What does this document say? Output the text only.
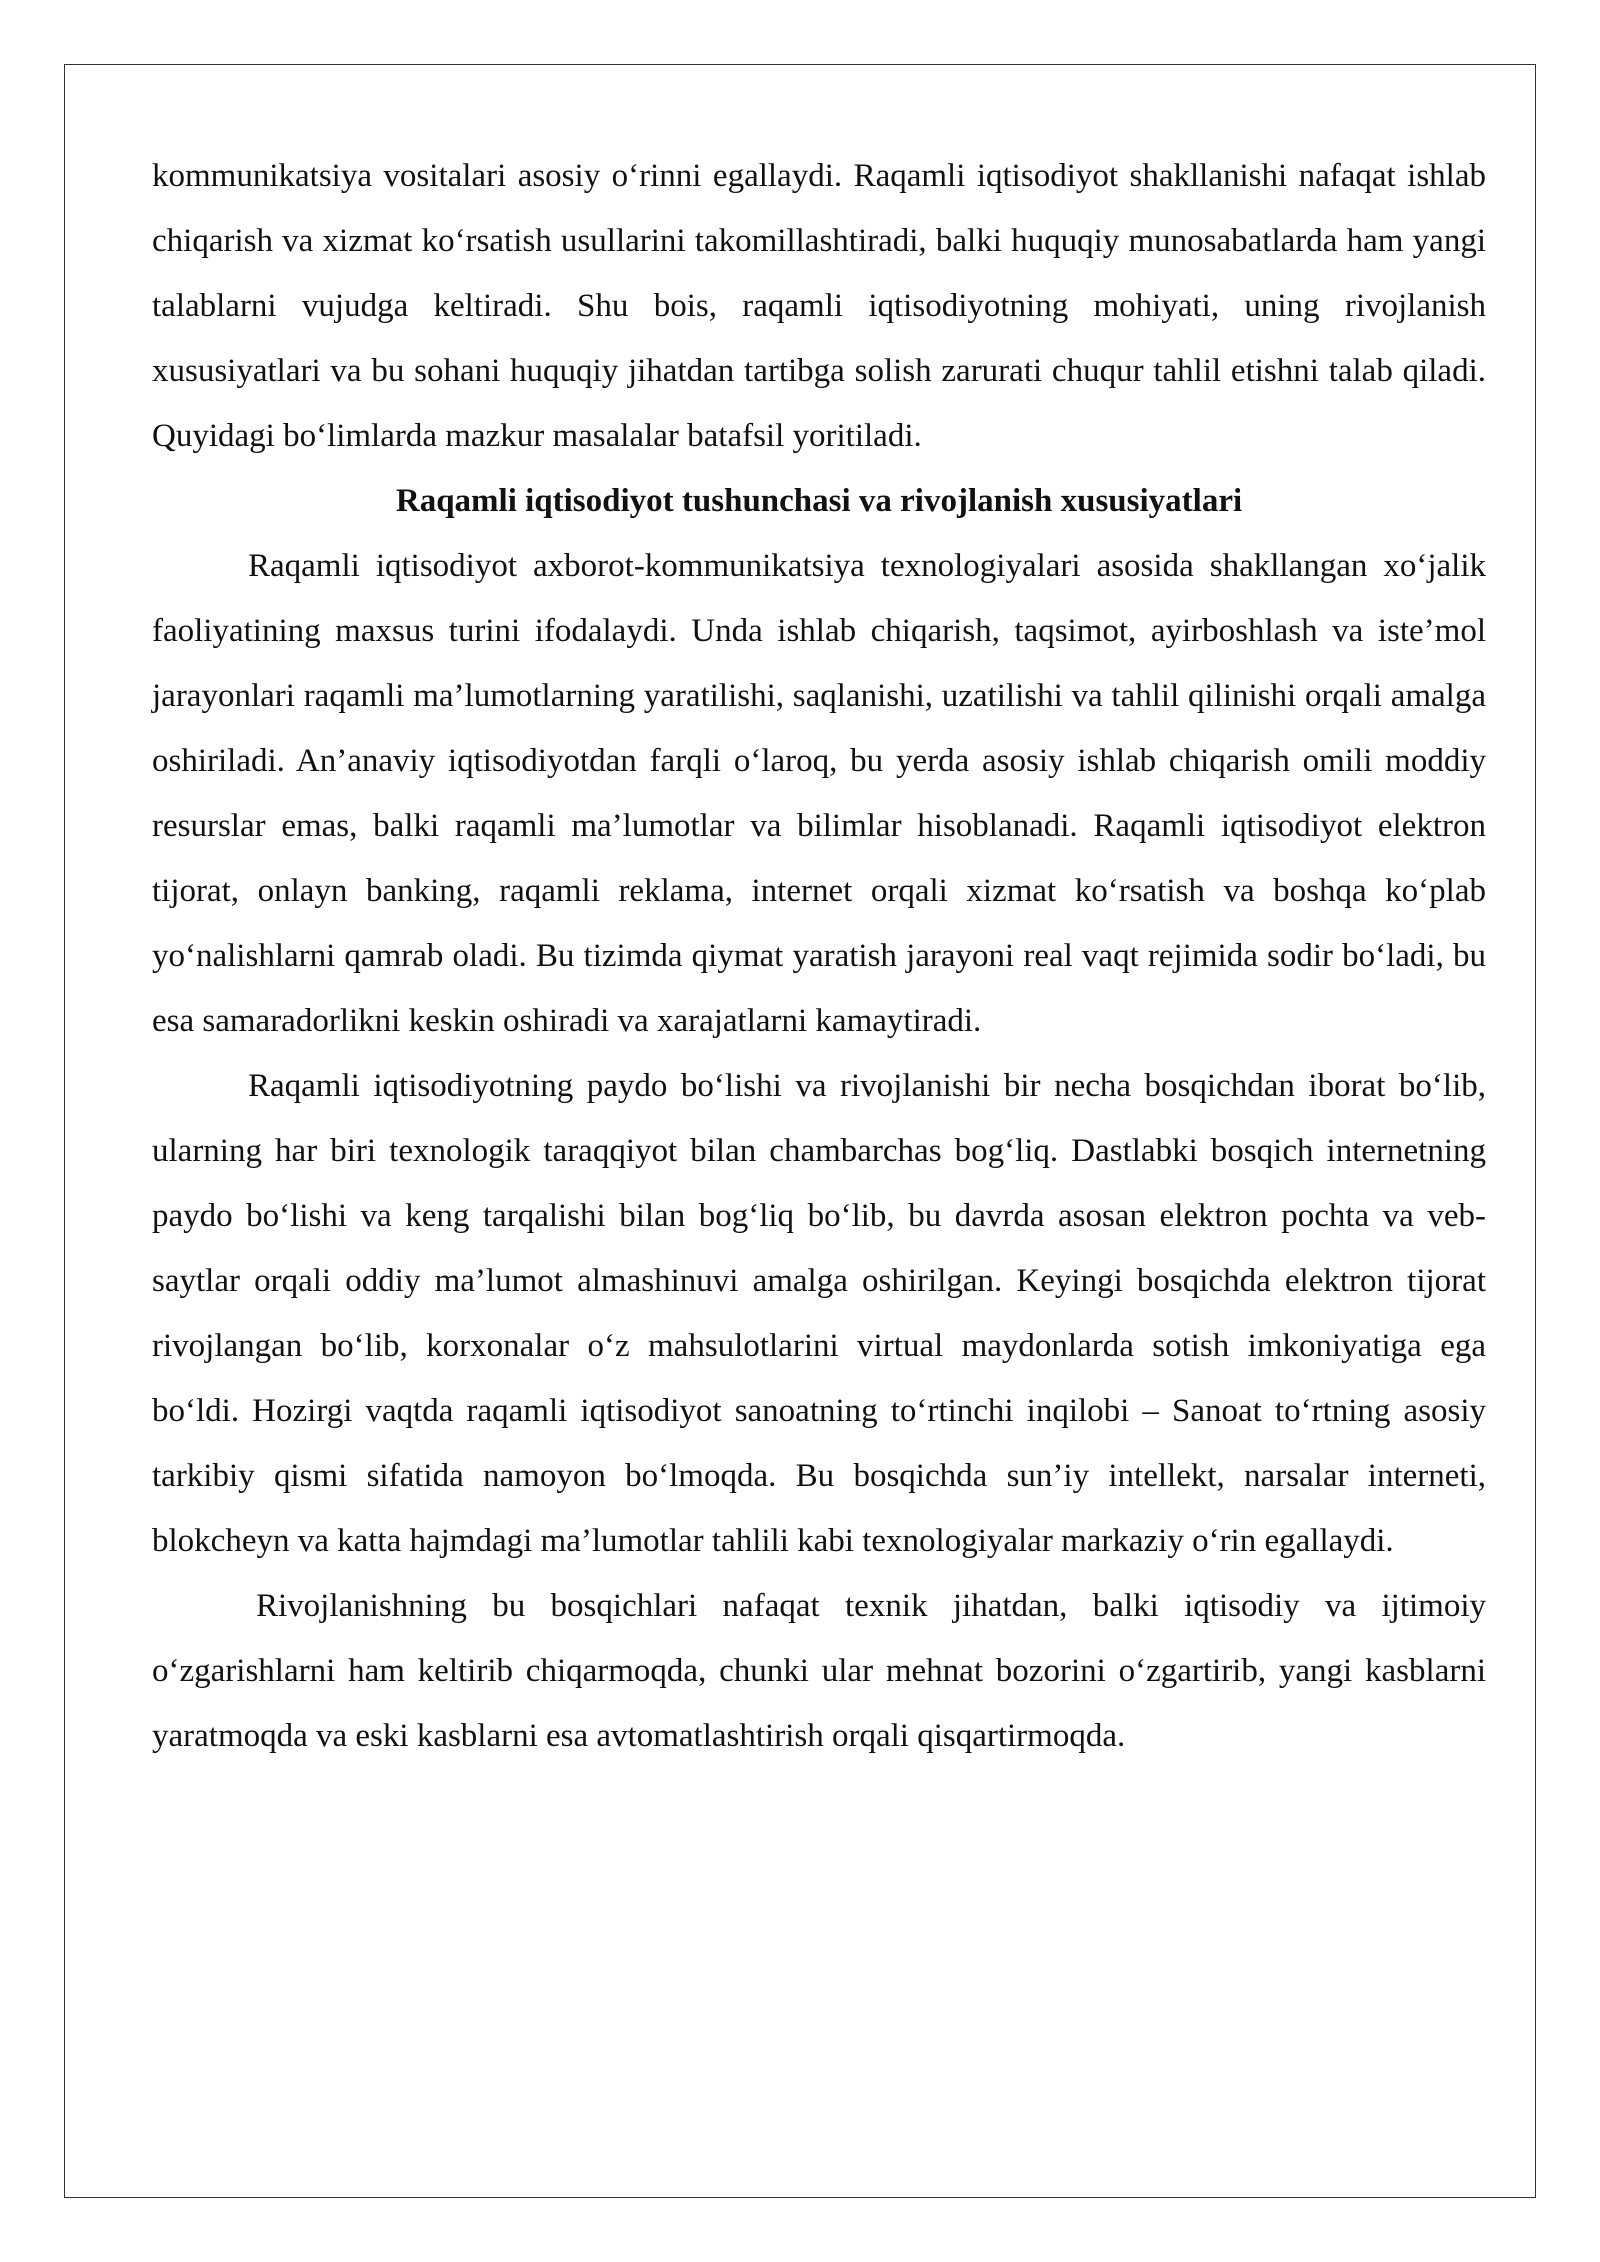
kommunikatsiya vositalari asosiy o‘rinni egallaydi. Raqamli iqtisodiyot shakllanishi nafaqat ishlab chiqarish va xizmat ko‘rsatish usullarini takomillashtiradi, balki huquqiy munosabatlarda ham yangi talablarni vujudga keltiradi. Shu bois, raqamli iqtisodiyotning mohiyati, uning rivojlanish xususiyatlari va bu sohani huquqiy jihatdan tartibga solish zarurati chuqur tahlil etishni talab qiladi. Quyidagi bo‘limlarda mazkur masalalar batafsil yoritiladi.

Raqamli iqtisodiyot tushunchasi va rivojlanish xususiyatlari

Raqamli iqtisodiyot axborot-kommunikatsiya texnologiyalari asosida shakllangan xo‘jalik faoliyatining maxsus turini ifodalaydi. Unda ishlab chiqarish, taqsimot, ayirboshlash va iste’mol jarayonlari raqamli ma’lumotlarning yaratilishi, saqlanishi, uzatilishi va tahlil qilinishi orqali amalga oshiriladi. An’anaviy iqtisodiyotdan farqli o‘laroq, bu yerda asosiy ishlab chiqarish omili moddiy resurslar emas, balki raqamli ma’lumotlar va bilimlar hisoblanadi. Raqamli iqtisodiyot elektron tijorat, onlayn banking, raqamli reklama, internet orqali xizmat ko‘rsatish va boshqa ko‘plab yo‘nalishlarni qamrab oladi. Bu tizimda qiymat yaratish jarayoni real vaqt rejimida sodir bo‘ladi, bu esa samaradorlikni keskin oshiradi va xarajatlarni kamaytiradi.

Raqamli iqtisodiyotning paydo bo‘lishi va rivojlanishi bir necha bosqichdan iborat bo‘lib, ularning har biri texnologik taraqqiyot bilan chambarchas bog‘liq. Dastlabki bosqich internetning paydo bo‘lishi va keng tarqalishi bilan bog‘liq bo‘lib, bu davrda asosan elektron pochta va veb-saytlar orqali oddiy ma’lumot almashinuvi amalga oshirilgan. Keyingi bosqichda elektron tijorat rivojlangan bo‘lib, korxonalar o‘z mahsulotlarini virtual maydonlarda sotish imkoniyatiga ega bo‘ldi. Hozirgi vaqtda raqamli iqtisodiyot sanoatning to‘rtinchi inqilobi – Sanoat to‘rtning asosiy tarkibiy qismi sifatida namoyon bo‘lmoqda. Bu bosqichda sun’iy intellekt, narsalar interneti, blokcheyn va katta hajmdagi ma’lumotlar tahlili kabi texnologiyalar markaziy o‘rin egallaydi.

Rivojlanishning bu bosqichlari nafaqat texnik jihatdan, balki iqtisodiy va ijtimoiy o‘zgarishlarni ham keltirib chiqarmoqda, chunki ular mehnat bozorini o‘zgartirib, yangi kasblarni yaratmoqda va eski kasblarni esa avtomatlashtirish orqali qisqartirmoqda.
